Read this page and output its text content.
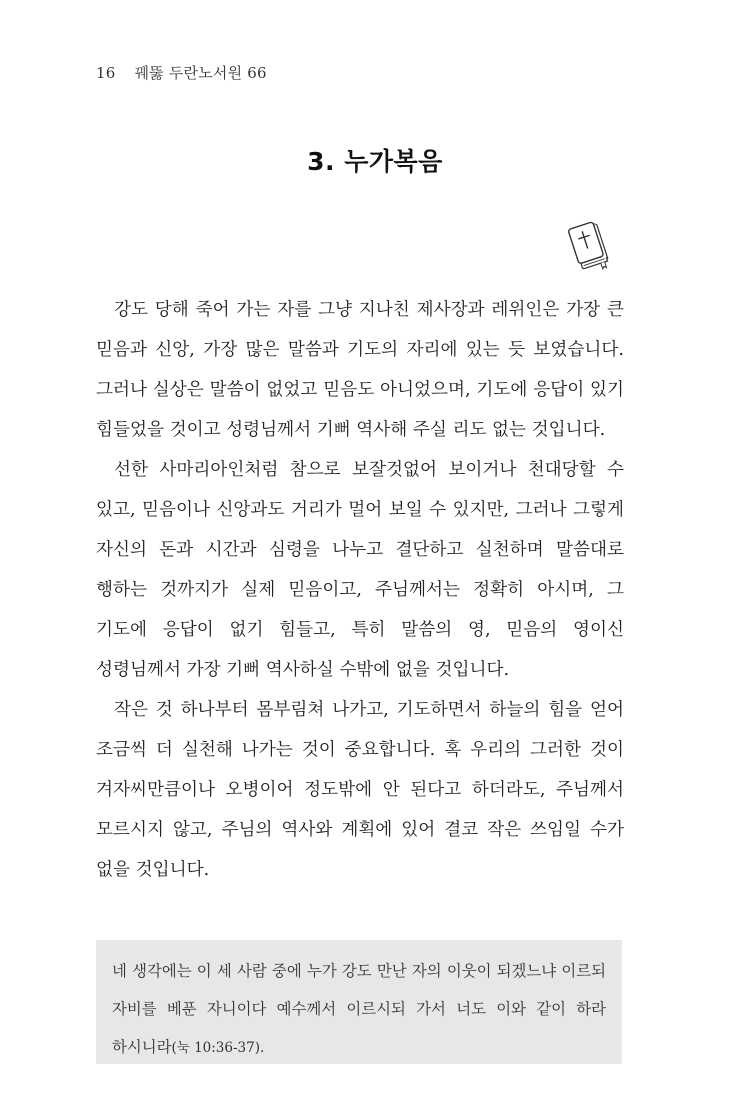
16 꿰뚫 두란노서원 66
3. 누가복음

강도 당해 죽어 가는 자를 그냥 지나친 제사장과 레위인은 가장 큰 믿음과 신앙, 가장 많은 말씀과 기도의 자리에 있는 듯 보였습니다. 그러나 실상은 말씀이 없었고 믿음도 아니었으며, 기도에 응답이 있기 힘들었을 것이고 성령님께서 기뻐 역사해 주실 리도 없는 것입니다.

선한 사마리아인처럼 참으로 보잘것없어 보이거나 천대당할 수 있고, 믿음이나 신앙과도 거리가 멀어 보일 수 있지만, 그러나 그렇게 자신의 돈과 시간과 심령을 나누고 결단하고 실천하며 말씀대로 행하는 것까지가 실제 믿음이고, 주님께서는 정확히 아시며, 그 기도에 응답이 없기 힘들고, 특히 말씀의 영, 믿음의 영이신 성령님께서 가장 기뻐 역사하실 수밖에 없을 것입니다.

작은 것 하나부터 몸부림쳐 나가고, 기도하면서 하늘의 힘을 얻어 조금씩 더 실천해 나가는 것이 중요합니다. 혹 우리의 그러한 것이 겨자씨만큼이나 오병이어 정도밖에 안 된다고 하더라도, 주님께서 모르시지 않고, 주님의 역사와 계획에 있어 결코 작은 쓰임일 수가 없을 것입니다.

네 생각에는 이 세 사람 중에 누가 강도 만난 자의 이웃이 되겠느냐 이르되 자비를 베푼 자니이다 예수께서 이르시되 가서 너도 이와 같이 하라 하시니라(눅 10:36-37).
